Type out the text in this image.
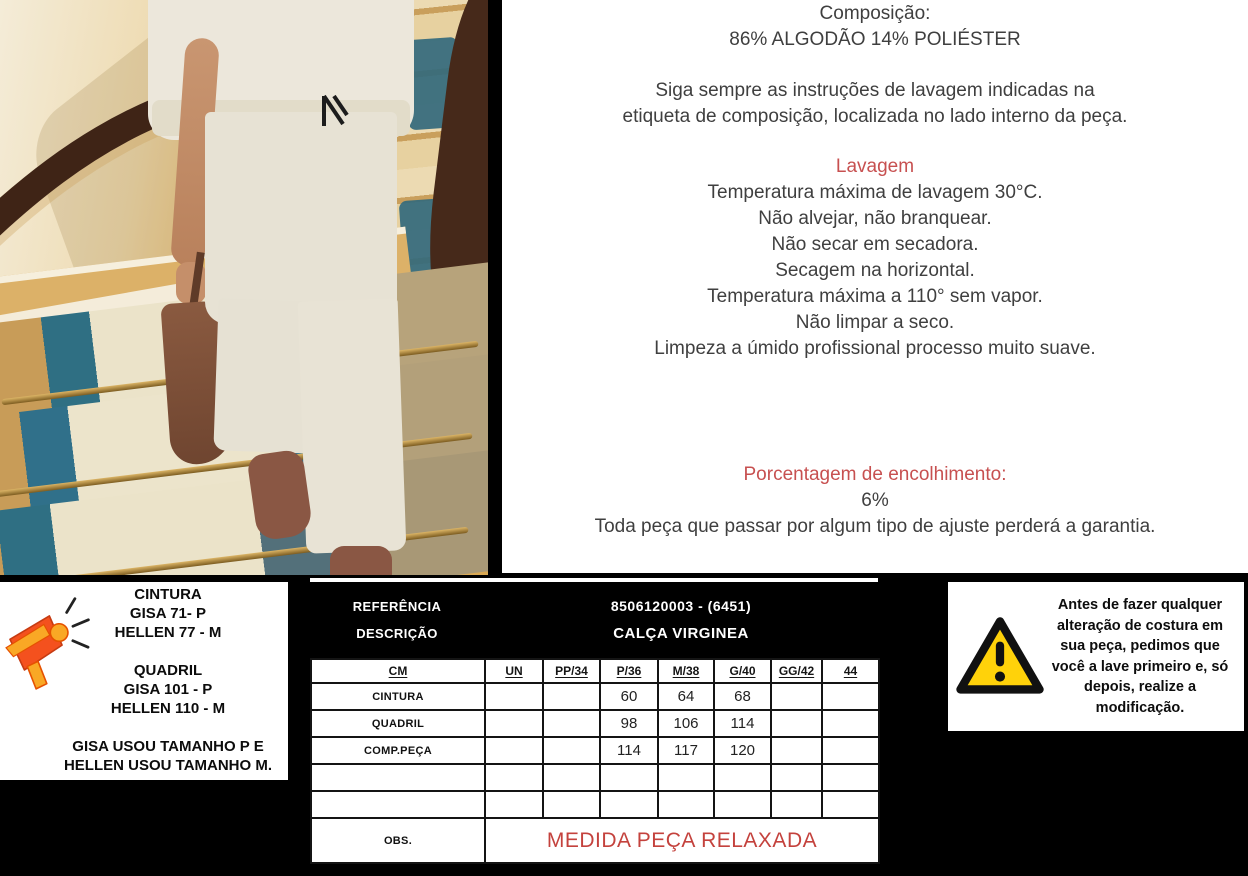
Composição:
86% ALGODÃO 14% POLIÉSTER
Siga sempre as instruções de lavagem indicadas na
etiqueta de composição, localizada no lado interno da peça.
Lavagem
Temperatura máxima de lavagem 30°C.
Não alvejar, não branquear.
Não secar em secadora.
Secagem na horizontal.
Temperatura máxima a 110° sem vapor.
Não limpar a seco.
Limpeza a úmido profissional processo muito suave.
Porcentagem de encolhimento:
6%
Toda peça que passar por algum tipo de ajuste perderá a garantia.
CINTURA
GISA 71- P
HELLEN 77 - M
QUADRIL
GISA 101 - P
HELLEN 110 - M
GISA USOU TAMANHO P E
HELLEN USOU TAMANHO M.
REFERÊNCIA	8506120003 - (6451)
DESCRIÇÃO	CALÇA VIRGINEA
CM	UN	PP/34	P/36	M/38	G/40	GG/42	44
CINTURA			60	64	68		
QUADRIL			98	106	114		
COMP.PEÇA			114	117	120		

OBS.	MEDIDA PEÇA RELAXADA						

Antes de fazer qualquer alteração de costura em sua peça, pedimos que você a lave primeiro e, só depois, realize a modificação.
